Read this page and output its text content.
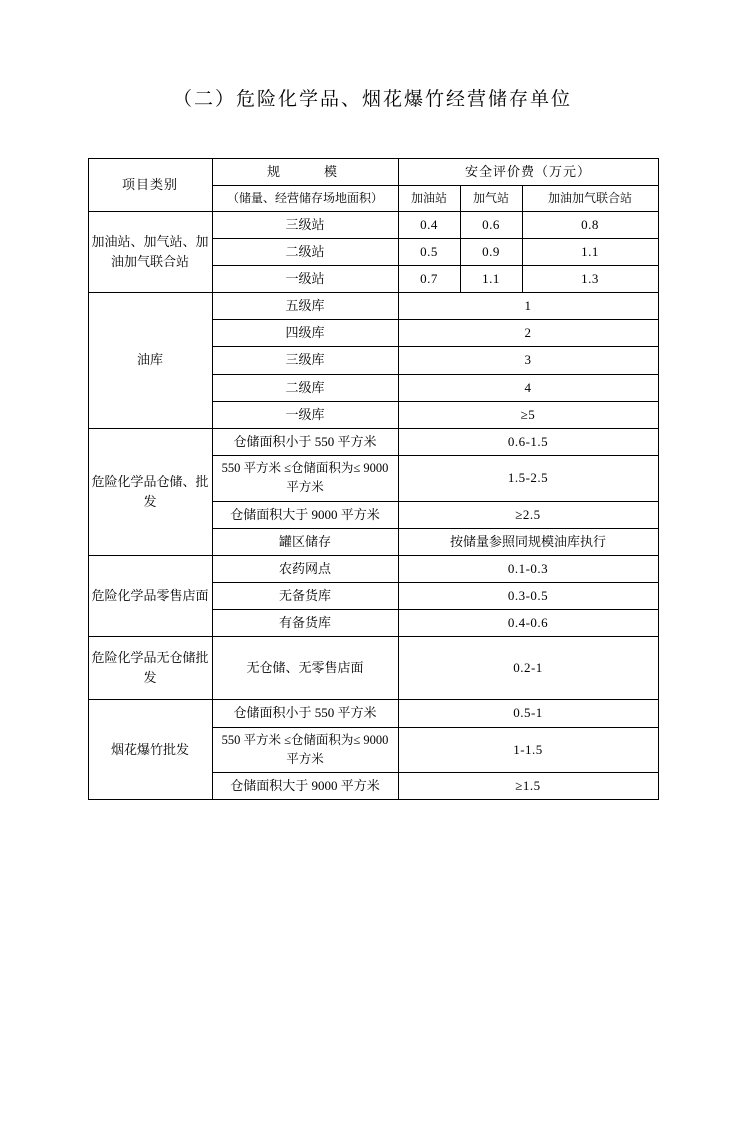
（二）危险化学品、烟花爆竹经营储存单位
项目类别	规　　模	安全评价费（万元）		
	（储量、经营储存场地面积）	加油站	加气站	加油加气联合站
加油站、加气站、加油加气联合站	三级站	0.4	0.6	0.8
	二级站	0.5	0.9	1.1
	一级站	0.7	1.1	1.3
油库	五级库	1		
	四级库	2		
	三级库	3		
	二级库	4		
	一级库	≥5		
危险化学品仓储、批发	仓储面积小于 550 平方米	0.6-1.5		
	550 平方米 ≤仓储面积为≤ 9000 平方米	1.5-2.5		
	仓储面积大于 9000 平方米	≥2.5		
	罐区储存	按储量参照同规模油库执行		
危险化学品零售店面	农药网点	0.1-0.3		
	无备货库	0.3-0.5		
	有备货库	0.4-0.6		
危险化学品无仓储批发	无仓储、无零售店面	0.2-1		
烟花爆竹批发	仓储面积小于 550 平方米	0.5-1		
	550 平方米 ≤仓储面积为≤ 9000 平方米	1-1.5		
	仓储面积大于 9000 平方米	≥1.5		
